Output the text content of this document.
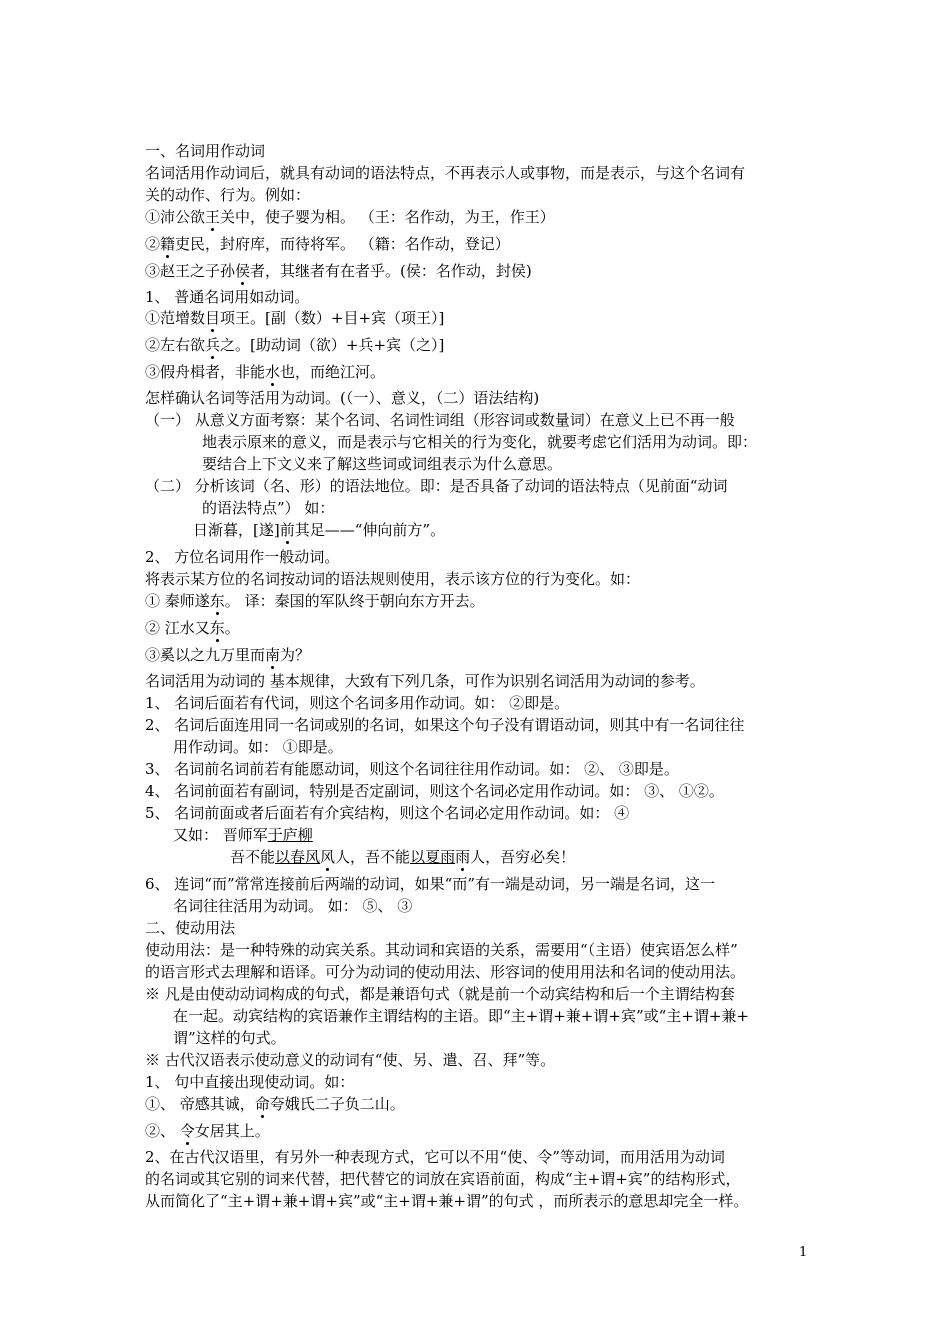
一、名词用作动词
名词活用作动词后，就具有动词的语法特点，不再表示人或事物，而是表示，与这个名词有
关的动作、行为。例如：
①沛公欲王关中，使子婴为相。 （王：名作动，为王，作王）
②籍吏民，封府库，而待将军。 （籍：名作动，登记）
③赵王之子孙侯者，其继者有在者乎。(侯：名作动，封侯)
1、 普通名词用如动词。
①范增数目项王。[副（数）+目+宾（项王）]
②左右欲兵之。[助动词（欲）+兵+宾（之）]
③假舟楫者，非能水也，而绝江河。
怎样确认名词等活用为动词。(（一）、意义，（二）语法结构)
（一） 从意义方面考察：某个名词、名词性词组（形容词或数量词）在意义上已不再一般
地表示原来的意义，而是表示与它相关的行为变化，就要考虑它们活用为动词。即：
要结合上下文义来了解这些词或词组表示为什么意思。
（二） 分析该词（名、形）的语法地位。即：是否具备了动词的语法特点（见前面“动词
的语法特点”） 如：
日渐暮，[遂]前其足——“伸向前方”。
2、 方位名词用作一般动词。
将表示某方位的名词按动词的语法规则使用，表示该方位的行为变化。如：
① 秦师遂东。 译：秦国的军队终于朝向东方开去。
② 江水又东。
③奚以之九万里而南为？
名词活用为动词的 基本规律，大致有下列几条，可作为识别名词活用为动词的参考。
1、 名词后面若有代词，则这个名词多用作动词。如： ②即是。
2、 名词后面连用同一名词或别的名词，如果这个句子没有谓语动词，则其中有一名词往往
用作动词。如： ①即是。
3、 名词前名词前若有能愿动词，则这个名词往往用作动词。如： ②、 ③即是。
4、 名词前面若有副词，特别是否定副词，则这个名词必定用作动词。如： ③、 ①②。
5、 名词前面或者后面若有介宾结构，则这个名词必定用作动词。如： ④
又如： 晋师军于庐柳
吾不能以春风风人，吾不能以夏雨雨人，吾穷必矣！
6、 连词“而”常常连接前后两端的动词，如果“而”有一端是动词，另一端是名词，这一
名词往往活用为动词。 如： ⑤、 ③
二、使动用法
使动用法：是一种特殊的动宾关系。其动词和宾语的关系，需要用“（主语）使宾语怎么样”
的语言形式去理解和语译。可分为动词的使动用法、形容词的使用用法和名词的使动用法。
※ 凡是由使动动词构成的句式，都是兼语句式（就是前一个动宾结构和后一个主谓结构套
在一起。动宾结构的宾语兼作主谓结构的主语。即“主+谓+兼+谓+宾”或“主+谓+兼+
谓”这样的句式。
※ 古代汉语表示使动意义的动词有“使、另、遣、召、拜”等。
1、 句中直接出现使动词。如：
①、 帝感其诚，命夸娥氏二子负二山。
②、 令女居其上。
2、在古代汉语里，有另外一种表现方式，它可以不用“使、令”等动词，而用活用为动词
的名词或其它别的词来代替，把代替它的词放在宾语前面，构成“主+谓+宾”的结构形式，
从而简化了“主+谓+兼+谓+宾”或“主+谓+兼+谓”的句式 ，而所表示的意思却完全一样。
1
